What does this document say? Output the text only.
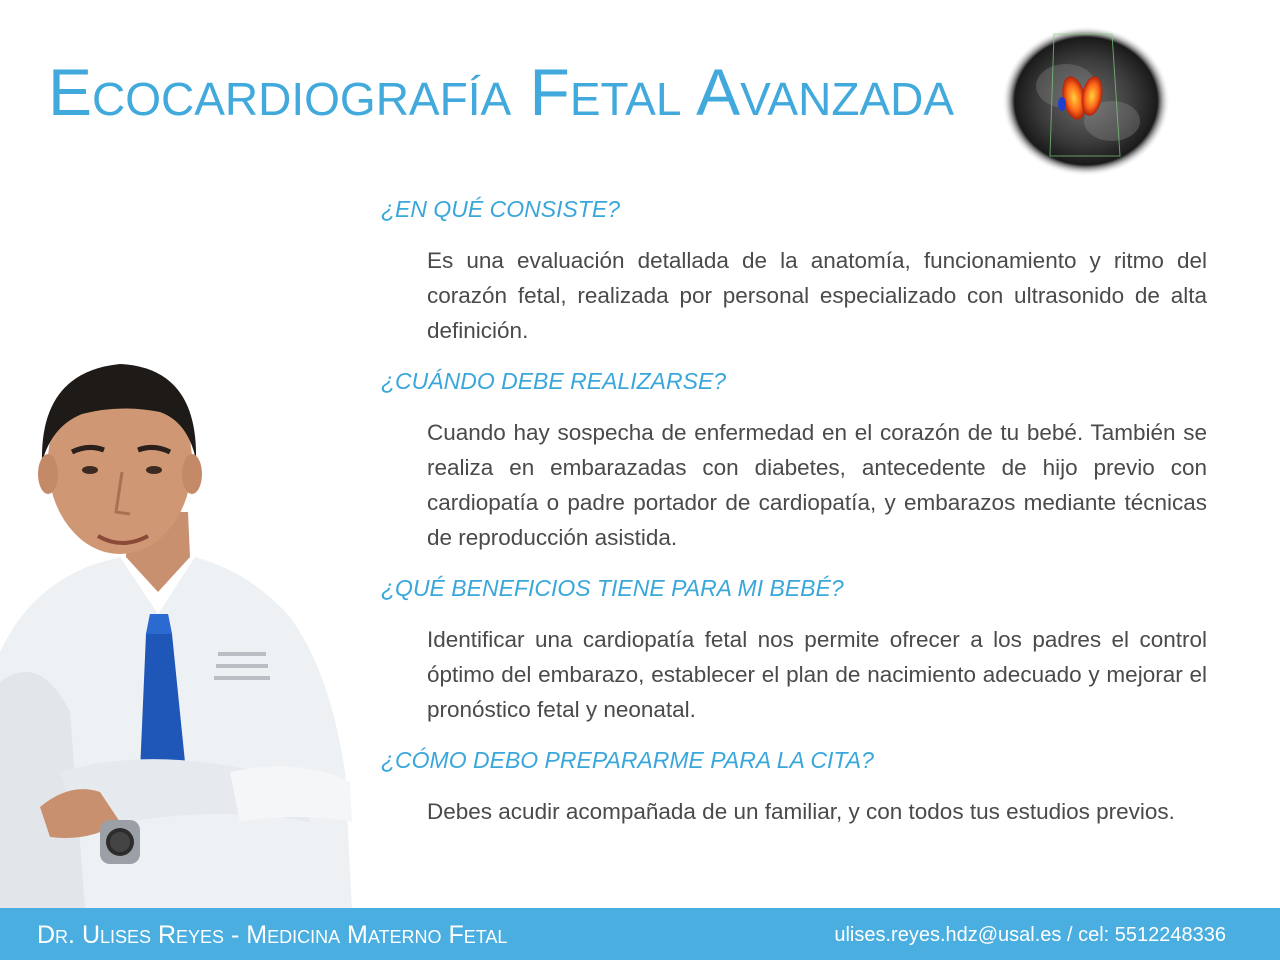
Ecocardiografía Fetal Avanzada

¿EN QUÉ CONSISTE?

Es una evaluación detallada de la anatomía, funcionamiento y ritmo del corazón fetal, realizada por personal especializado con ultrasonido de alta definición.

¿CUÁNDO DEBE REALIZARSE?

Cuando hay sospecha de enfermedad en el corazón de tu bebé. También se realiza en embarazadas con diabetes, antecedente de hijo previo con cardiopatía o padre portador de cardiopatía, y embarazos mediante técnicas de reproducción asistida.

¿QUÉ BENEFICIOS TIENE PARA MI BEBÉ?

Identificar una cardiopatía fetal nos permite ofrecer a los padres el control óptimo del embarazo, establecer el plan de nacimiento adecuado y mejorar el pronóstico fetal y neonatal.

¿CÓMO DEBO PREPARARME PARA LA CITA?

Debes acudir acompañada de un familiar, y con todos tus estudios previos.

Dr. Ulises Reyes - Medicina Materno Fetal	ulises.reyes.hdz@usal.es / cel: 5512248336
